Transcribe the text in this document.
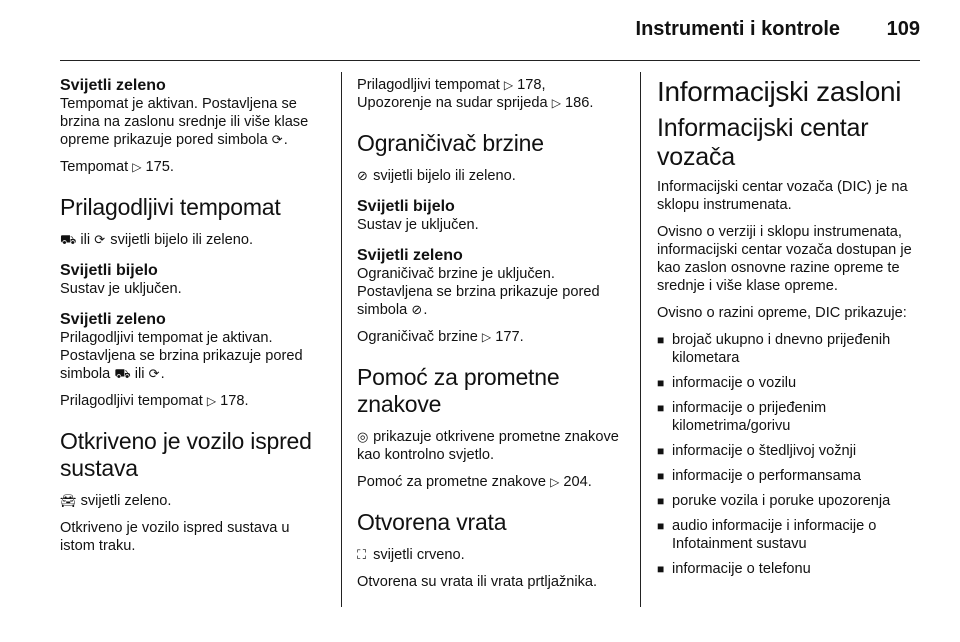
Instrumenti i kontrole 109
Svijetli zeleno

Tempomat je aktivan. Postavljena se brzina na zaslonu srednje ili više klase opreme prikazuje pored simbola ⟳.

Tempomat ▷ 175.

Prilagodljivi tempomat

⛟ ili ⟳ svijetli bijelo ili zeleno.

Svijetli bijelo

Sustav je uključen.

Svijetli zeleno

Prilagodljivi tempomat je aktivan. Postavljena se brzina prikazuje pored simbola ⛟ ili ⟳.

Prilagodljivi tempomat ▷ 178.

Otkriveno je vozilo ispred sustava

🚘︎ svijetli zeleno.

Otkriveno je vozilo ispred sustava u istom traku.

Prilagodljivi tempomat ▷ 178,

Upozorenje na sudar sprijeda ▷ 186.

Ograničivač brzine

⊘ svijetli bijelo ili zeleno.

Svijetli bijelo

Sustav je uključen.

Svijetli zeleno

Ograničivač brzine je uključen. Postavljena se brzina prikazuje pored simbola ⊘.

Ograničivač brzine ▷ 177.

Pomoć za prometne znakove

◎ prikazuje otkrivene prometne znakove kao kontrolno svjetlo.

Pomoć za prometne znakove ▷ 204.

Otvorena vrata

⛶ svijetli crveno.

Otvorena su vrata ili vrata prtljažnika.

Informacijski zasloni
Informacijski centar vozača

Informacijski centar vozača (DIC) je na sklopu instrumenata.

Ovisno o verziji i sklopu instrumenata, informacijski centar vozača dostupan je kao zaslon osnovne razine opreme te srednje i više klase opreme.

Ovisno o razini opreme, DIC prikazuje:

■ brojač ukupno i dnevno prijeđenih kilometara
■ informacije o vozilu
■ informacije o prijeđenim kilometrima/gorivu
■ informacije o štedljivoj vožnji
■ informacije o performansama
■ poruke vozila i poruke upozorenja
■ audio informacije i informacije o Infotainment sustavu
■ informacije o telefonu
